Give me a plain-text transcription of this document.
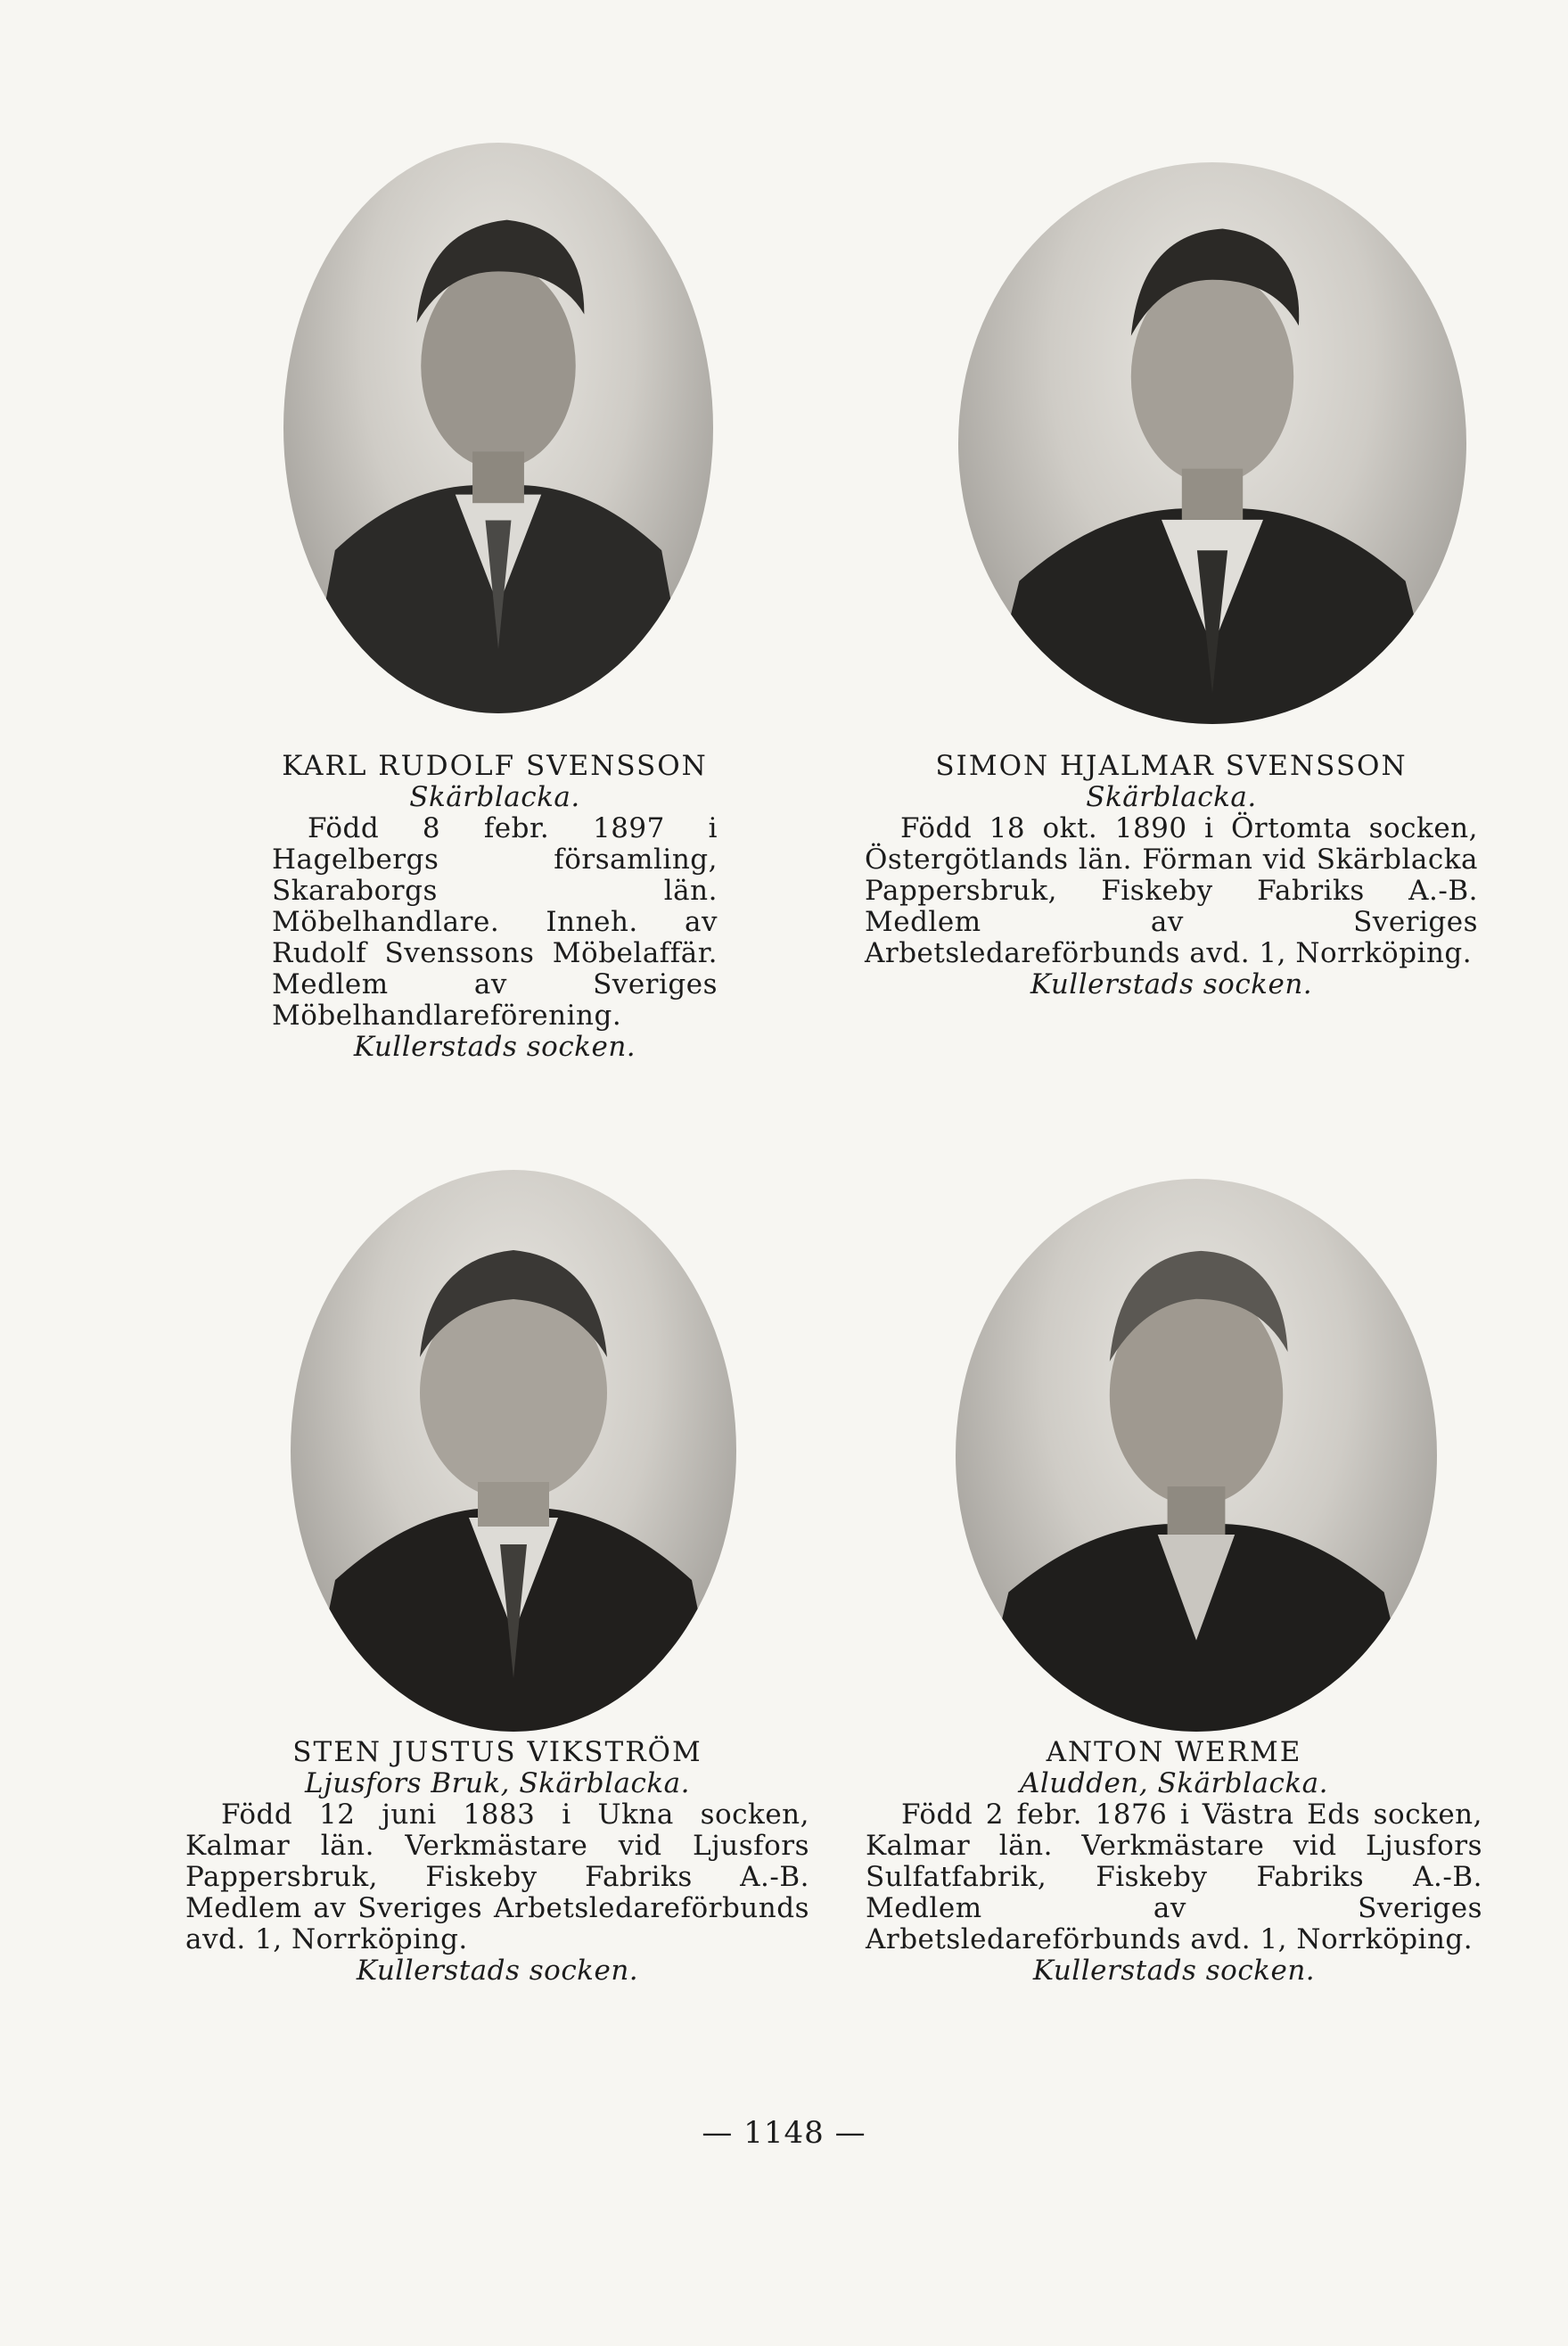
KARL RUDOLF SVENSSON
Skärblacka.
Född 8 febr. 1897 i Hagelbergs församling, Skaraborgs län. Möbelhandlare. Inneh. av Rudolf Svenssons Möbelaffär. Medlem av Sveriges Möbelhandlareförening.
Kullerstads socken.
SIMON HJALMAR SVENSSON
Skärblacka.
Född 18 okt. 1890 i Örtomta socken, Östergötlands län. Förman vid Skärblacka Pappersbruk, Fiskeby Fabriks A.-B. Medlem av Sveriges Arbetsledareförbunds avd. 1, Norrköping.
Kullerstads socken.
STEN JUSTUS VIKSTRÖM
Ljusfors Bruk, Skärblacka.
Född 12 juni 1883 i Ukna socken, Kalmar län. Verkmästare vid Ljusfors Pappersbruk, Fiskeby Fabriks A.-B. Medlem av Sveriges Arbetsledareförbunds avd. 1, Norrköping.
Kullerstads socken.
ANTON WERME
Aludden, Skärblacka.
Född 2 febr. 1876 i Västra Eds socken, Kalmar län. Verkmästare vid Ljusfors Sulfatfabrik, Fiskeby Fabriks A.-B. Medlem av Sveriges Arbetsledareförbunds avd. 1, Norrköping.
Kullerstads socken.
— 1148 —
